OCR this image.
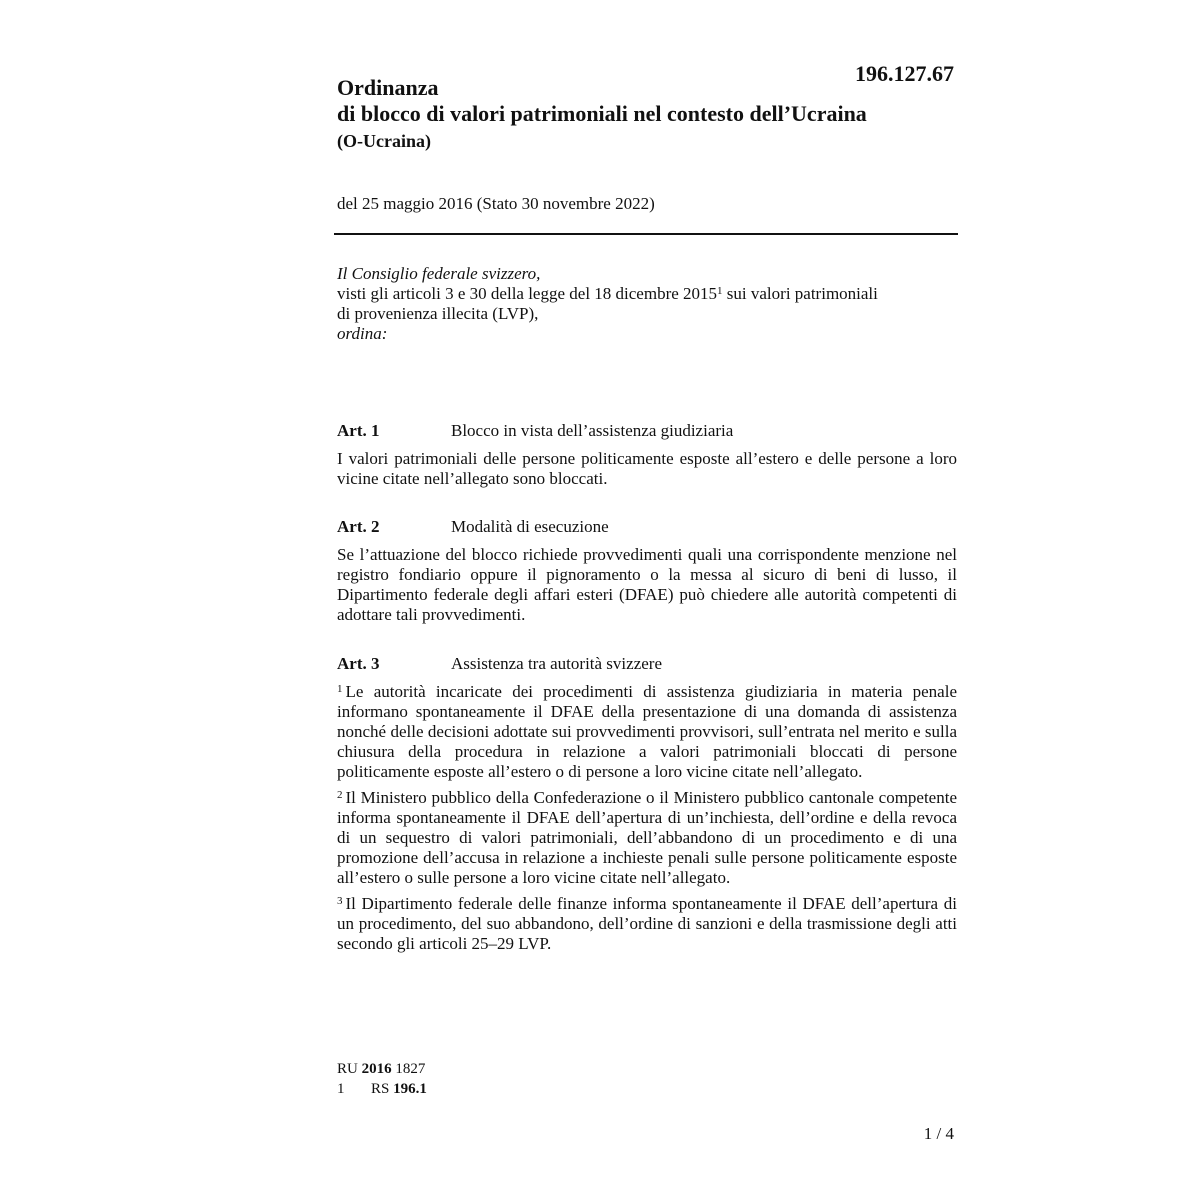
196.127.67
Ordinanza
di blocco di valori patrimoniali nel contesto dell’Ucraina
(O-Ucraina)
del 25 maggio 2016 (Stato 30 novembre 2022)
Il Consiglio federale svizzero,
visti gli articoli 3 e 30 della legge del 18 dicembre 2015$^1$ sui valori patrimoniali
di provenienza illecita (LVP),
ordina:
Art. 1	Blocco in vista dell’assistenza giudiziaria

I valori patrimoniali delle persone politicamente esposte all’estero e delle persone a loro vicine citate nell’allegato sono bloccati.

Art. 2	Modalità di esecuzione

Se l’attuazione del blocco richiede provvedimenti quali una corrispondente menzione nel registro fondiario oppure il pignoramento o la messa al sicuro di beni di lusso, il Dipartimento federale degli affari esteri (DFAE) può chiedere alle autorità competenti di adottare tali provvedimenti.

Art. 3	Assistenza tra autorità svizzere

$^1$ Le autorità incaricate dei procedimenti di assistenza giudiziaria in materia penale informano spontaneamente il DFAE della presentazione di una domanda di assistenza nonché delle decisioni adottate sui provvedimenti provvisori, sull’entrata nel merito e sulla chiusura della procedura in relazione a valori patrimoniali bloccati di persone politicamente esposte all’estero o di persone a loro vicine citate nell’allegato.

$^2$ Il Ministero pubblico della Confederazione o il Ministero pubblico cantonale competente informa spontaneamente il DFAE dell’apertura di un’inchiesta, dell’ordine e della revoca di un sequestro di valori patrimoniali, dell’abbandono di un procedimento e di una promozione dell’accusa in relazione a inchieste penali sulle persone politicamente esposte all’estero o sulle persone a loro vicine citate nell’allegato.

$^3$ Il Dipartimento federale delle finanze informa spontaneamente il DFAE dell’apertura di un procedimento, del suo abbandono, dell’ordine di sanzioni e della trasmissione degli atti secondo gli articoli 25–29 LVP.

RU 2016 1827
1	RS 196.1
1 / 4
